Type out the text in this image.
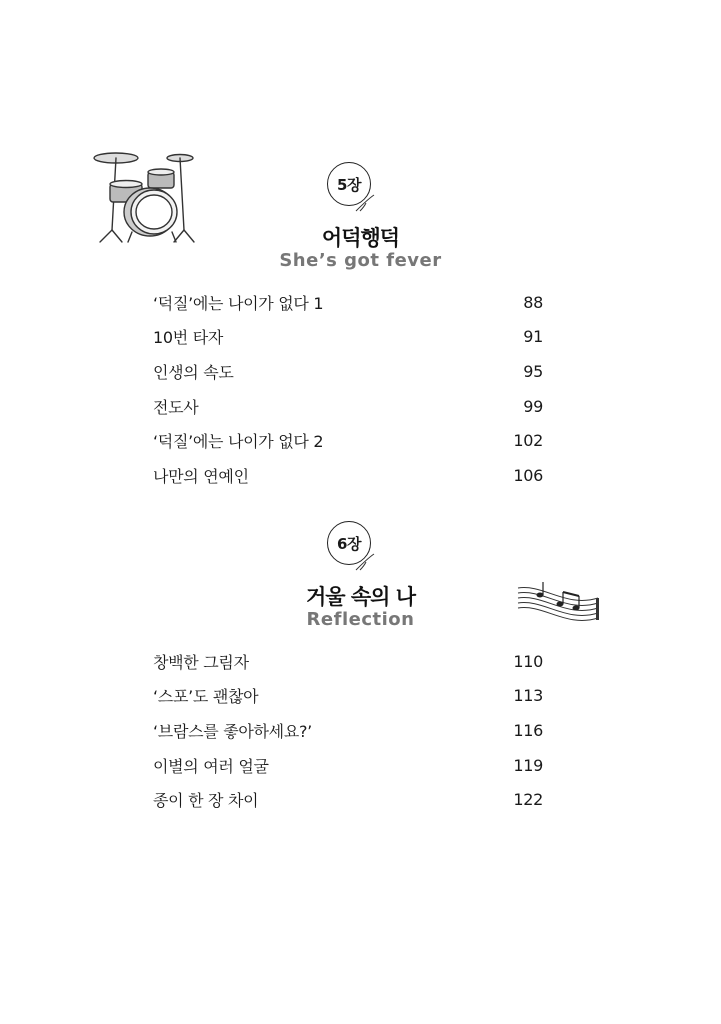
5장
어덕행덕
She’s got fever
‘덕질’에는 나이가 없다 1	88
10번 타자	91
인생의 속도	95
전도사	99
‘덕질’에는 나이가 없다 2	102
나만의 연예인	106
6장
거울 속의 나
Reflection
창백한 그림자	110
‘스포’도 괜찮아	113
‘브람스를 좋아하세요?’	116
이별의 여러 얼굴	119
종이 한 장 차이	122
